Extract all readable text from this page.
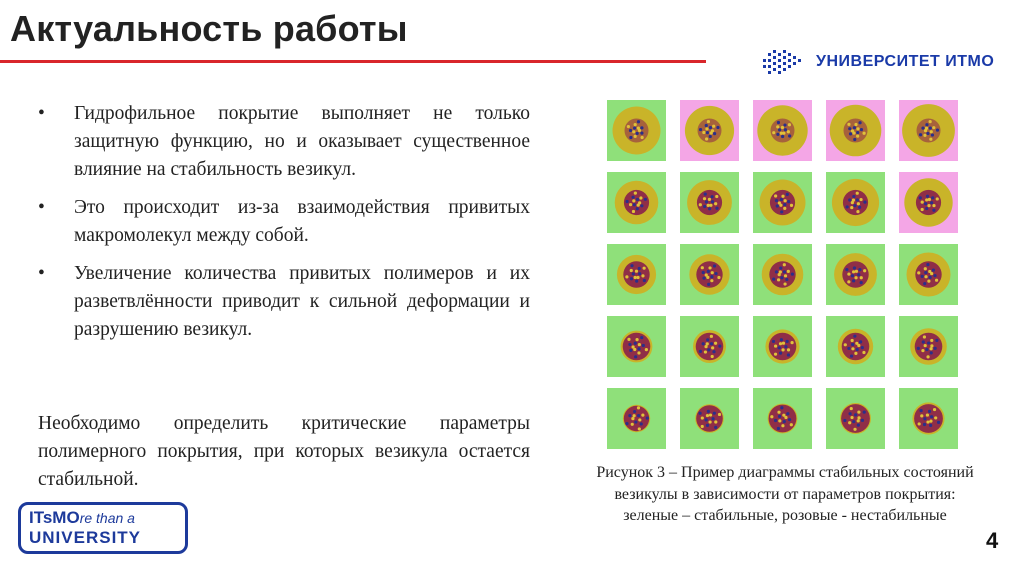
Актуальность работы
УНИВЕРСИТЕТ ИТМО
• Гидрофильное покрытие выполняет не только защитную функцию, но и оказывает существенное влияние на стабильность везикул.
• Это происходит из-за взаимодействия привитых макромолекул между собой.
• Увеличение количества привитых полимеров и их разветвлённости приводит к сильной деформации и разрушению везикул.

Необходимо определить критические параметры полимерного покрытия, при которых везикула остается стабильной.	Рисунок 3 – Пример диаграммы стабильных состояний везикулы в зависимости от параметров покрытия: зеленые – стабильные, розовые - нестабильные
ITsMOre than a
UNIVERSITY	4
